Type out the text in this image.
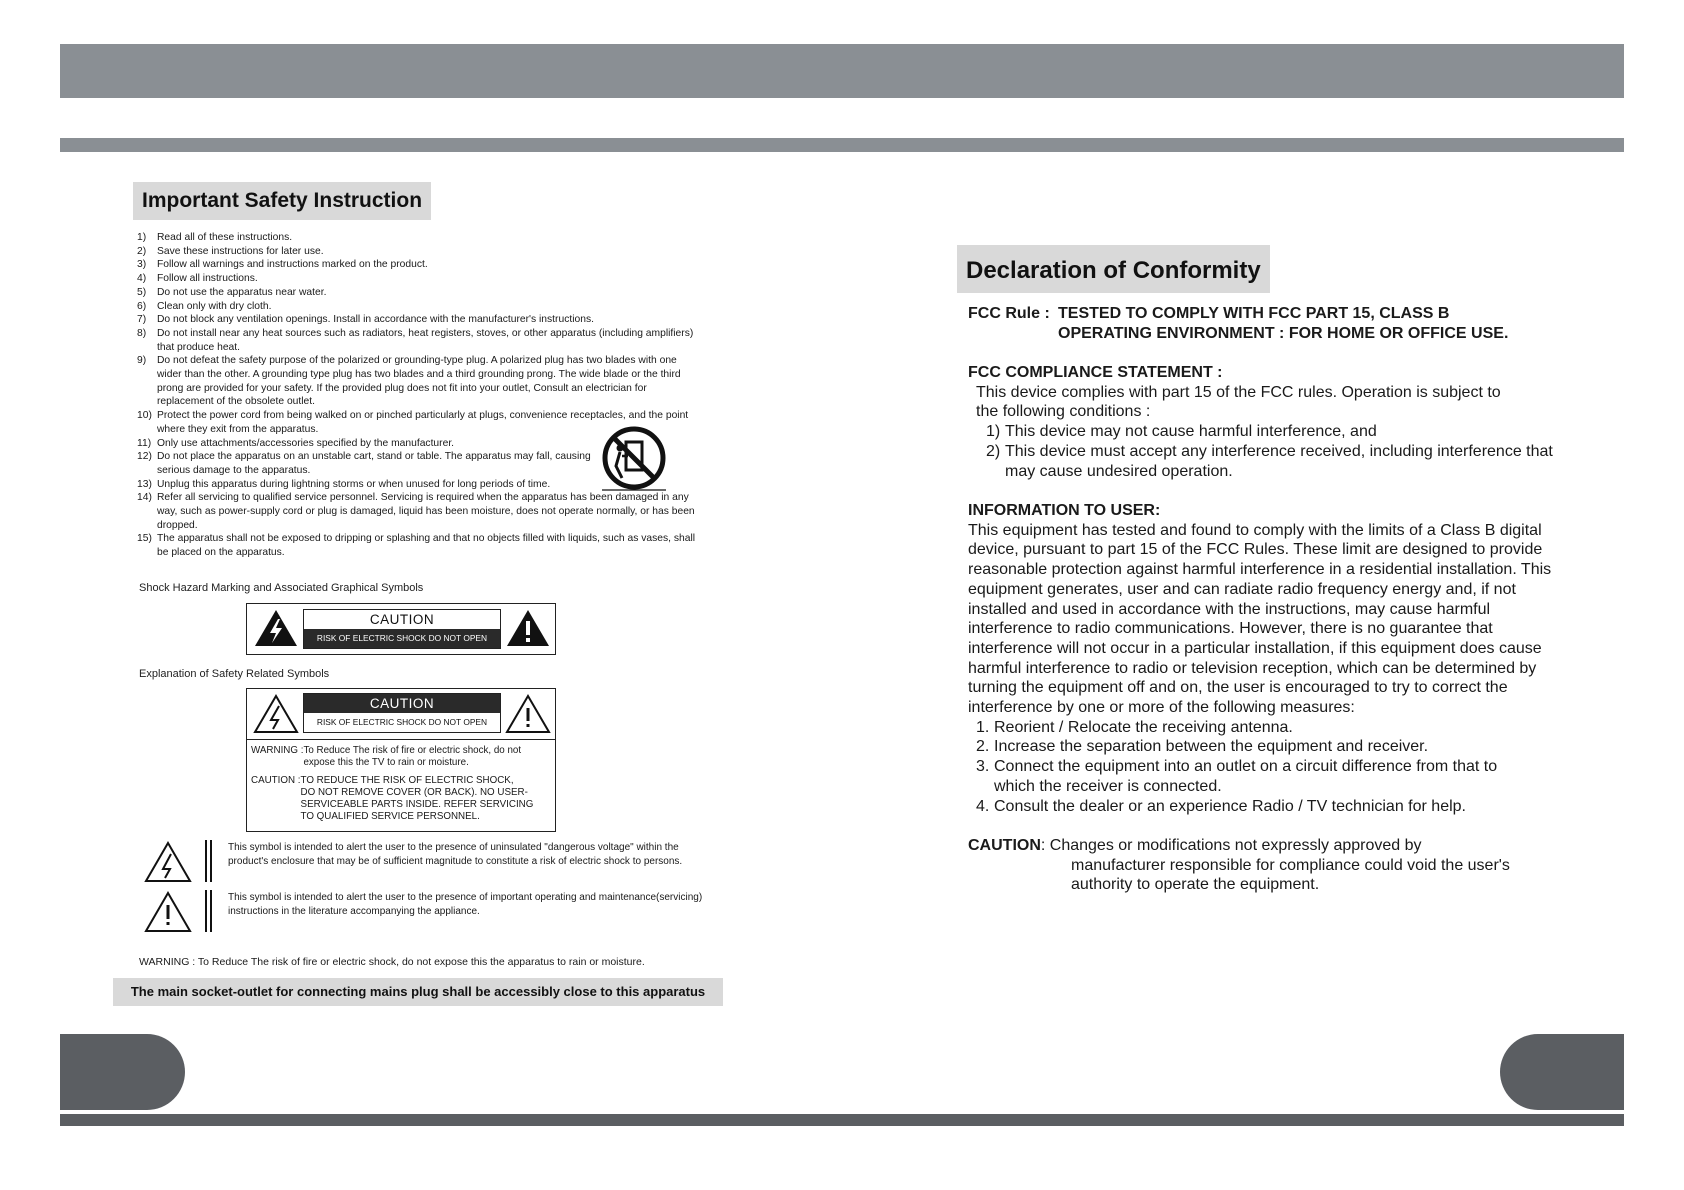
Important Safety Instruction
1)	Read all of these instructions.
2)	Save these instructions for later use.
3)	Follow all warnings and instructions marked on the product.
4)	Follow all instructions.
5)	Do not use the apparatus near water.
6)	Clean only with dry cloth.
7)	Do not block any ventilation openings. Install in accordance with the manufacturer's instructions.
8)	Do not install near any heat sources such as radiators, heat registers, stoves, or other apparatus (including amplifiers) that produce heat.
9)	Do not defeat the safety purpose of the polarized or grounding-type plug. A polarized plug has two blades with one wider than the other. A grounding type plug has two blades and a third grounding prong. The wide blade or the third prong are provided for your safety. If the provided plug does not fit into your outlet, Consult an electrician for replacement of the obsolete outlet.
10) Protect the power cord from being walked on or pinched particularly at plugs, convenience receptacles, and the point where they exit from the apparatus.
11) Only use attachments/accessories specified by the manufacturer.
12) Do not place the apparatus on an unstable cart, stand or table. The apparatus may fall, causing serious damage to the apparatus.
13) Unplug this apparatus during lightning storms or when unused for long periods of time.
14) Refer all servicing to qualified service personnel. Servicing is required when the apparatus has been damaged in any way, such as power-supply cord or plug is damaged, liquid has been moisture, does not operate normally, or has been dropped.
15) The apparatus shall not be exposed to dripping or splashing and that no objects filled with liquids, such as vases, shall be placed on the apparatus.
Shock Hazard Marking and Associated Graphical Symbols
CAUTION
RISK OF ELECTRIC SHOCK DO NOT OPEN
Explanation of Safety Related Symbols
CAUTION
RISK OF ELECTRIC SHOCK DO NOT OPEN
WARNING : To Reduce The risk of fire or electric shock, do not
expose this the TV to rain or moisture.
CAUTION : TO REDUCE THE RISK OF ELECTRIC SHOCK,
DO NOT REMOVE COVER (OR BACK). NO USER-
SERVICEABLE PARTS INSIDE. REFER SERVICING
TO QUALIFIED SERVICE PERSONNEL.
This symbol is intended to alert the user to the presence of uninsulated "dangerous voltage" within the product's enclosure that may be of sufficient magnitude to constitute a risk of electric shock to persons.
This symbol is intended to alert the user to the presence of important operating and maintenance(servicing) instructions in the literature accompanying the appliance.
WARNING : To Reduce The risk of fire or electric shock, do not expose this the apparatus to rain or moisture.
The main socket-outlet for connecting mains plug shall be accessibly close to this apparatus
Declaration of Conformity
FCC Rule : TESTED TO COMPLY WITH FCC PART 15, CLASS B
OPERATING ENVIRONMENT : FOR HOME OR OFFICE USE.
FCC COMPLIANCE STATEMENT :
This device complies with part 15 of the FCC rules. Operation is subject to
the following conditions :
1) This device may not cause harmful interference, and
2) This device must accept any interference received, including interference that may cause undesired operation.
INFORMATION TO USER:

This equipment has tested and found to comply with the limits of a Class B digital device, pursuant to part 15 of the FCC Rules. These limit are designed to provide reasonable protection against harmful interference in a residential installation. This equipment generates, user and can radiate radio frequency energy and, if not installed and used in accordance with the instructions, may cause harmful interference to radio communications. However, there is no guarantee that interference will not occur in a particular installation, if this equipment does cause harmful interference to radio or television reception, which can be determined by turning the equipment off and on, the user is encouraged to try to correct the interference by one or more of the following measures:

1. Reorient / Relocate the receiving antenna.
2. Increase the separation between the equipment and receiver.
3. Connect the equipment into an outlet on a circuit difference from that to which the receiver is connected.
4. Consult the dealer or an experience Radio / TV technician for help.
CAUTION : Changes or modifications not expressly approved by
manufacturer responsible for compliance could void the user's authority to operate the equipment.
